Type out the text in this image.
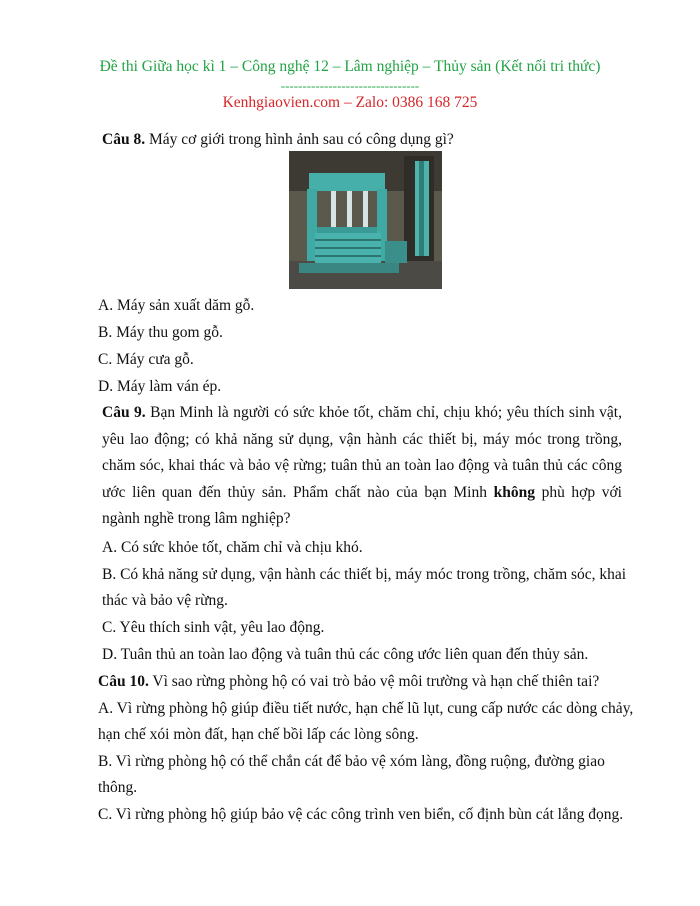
Đề thi Giữa học kì 1 – Công nghệ 12 – Lâm nghiệp – Thủy sản (Kết nối tri thức)
--------------------------------
Kenhgiaovien.com – Zalo: 0386 168 725
Câu 8. Máy cơ giới trong hình ảnh sau có công dụng gì?
A. Máy sản xuất dăm gỗ.
B. Máy thu gom gỗ.
C. Máy cưa gỗ.
D. Máy làm ván ép.
Câu 9. Bạn Minh là người có sức khỏe tốt, chăm chỉ, chịu khó; yêu thích sinh vật, yêu lao động; có khả năng sử dụng, vận hành các thiết bị, máy móc trong trồng, chăm sóc, khai thác và bảo vệ rừng; tuân thủ an toàn lao động và tuân thủ các công ước liên quan đến thủy sản. Phẩm chất nào của bạn Minh không phù hợp với ngành nghề trong lâm nghiệp?
A. Có sức khỏe tốt, chăm chỉ và chịu khó.
B. Có khả năng sử dụng, vận hành các thiết bị, máy móc trong trồng, chăm sóc, khai
thác và bảo vệ rừng.
C. Yêu thích sinh vật, yêu lao động.
D. Tuân thủ an toàn lao động và tuân thủ các công ước liên quan đến thủy sản.
Câu 10. Vì sao rừng phòng hộ có vai trò bảo vệ môi trường và hạn chế thiên tai?
A. Vì rừng phòng hộ giúp điều tiết nước, hạn chế lũ lụt, cung cấp nước các dòng chảy,
hạn chế xói mòn đất, hạn chế bồi lấp các lòng sông.
B. Vì rừng phòng hộ có thể chắn cát để bảo vệ xóm làng, đồng ruộng, đường giao
thông.
C. Vì rừng phòng hộ giúp bảo vệ các công trình ven biển, cố định bùn cát lắng đọng.
